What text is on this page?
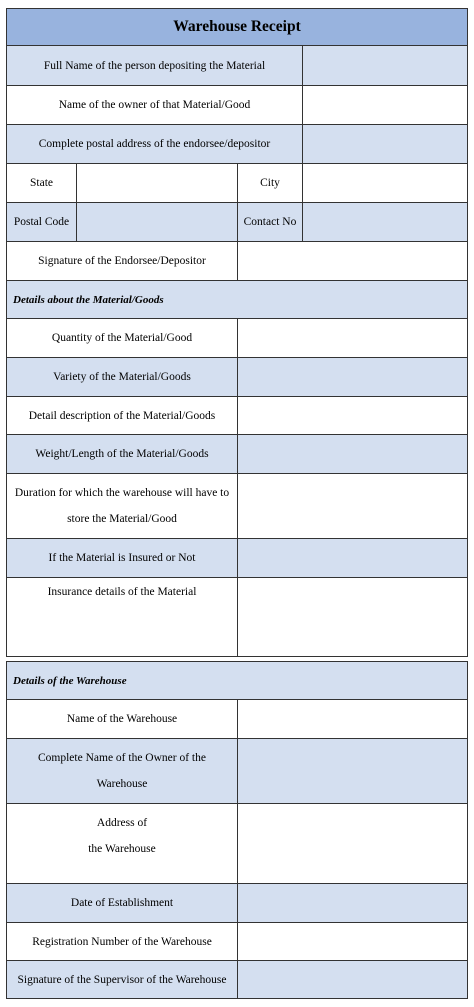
Warehouse Receipt
Full Name of the person depositing the Material
Name of the owner of that Material/Good
Complete postal address of the endorsee/depositor
State	City
Postal Code	Contact No
Signature of the Endorsee/Depositor
Details about the Material/Goods
Quantity of the Material/Good
Variety of the Material/Goods
Detail description of the Material/Goods
Weight/Length of the Material/Goods
Duration for which the warehouse will have to
store the Material/Good
If the Material is Insured or Not
Insurance details of the Material
Details of the Warehouse
Name of the Warehouse
Complete Name of the Owner of the
Warehouse
Address of
the Warehouse
Date of Establishment
Registration Number of the Warehouse
Signature of the Supervisor of the Warehouse
